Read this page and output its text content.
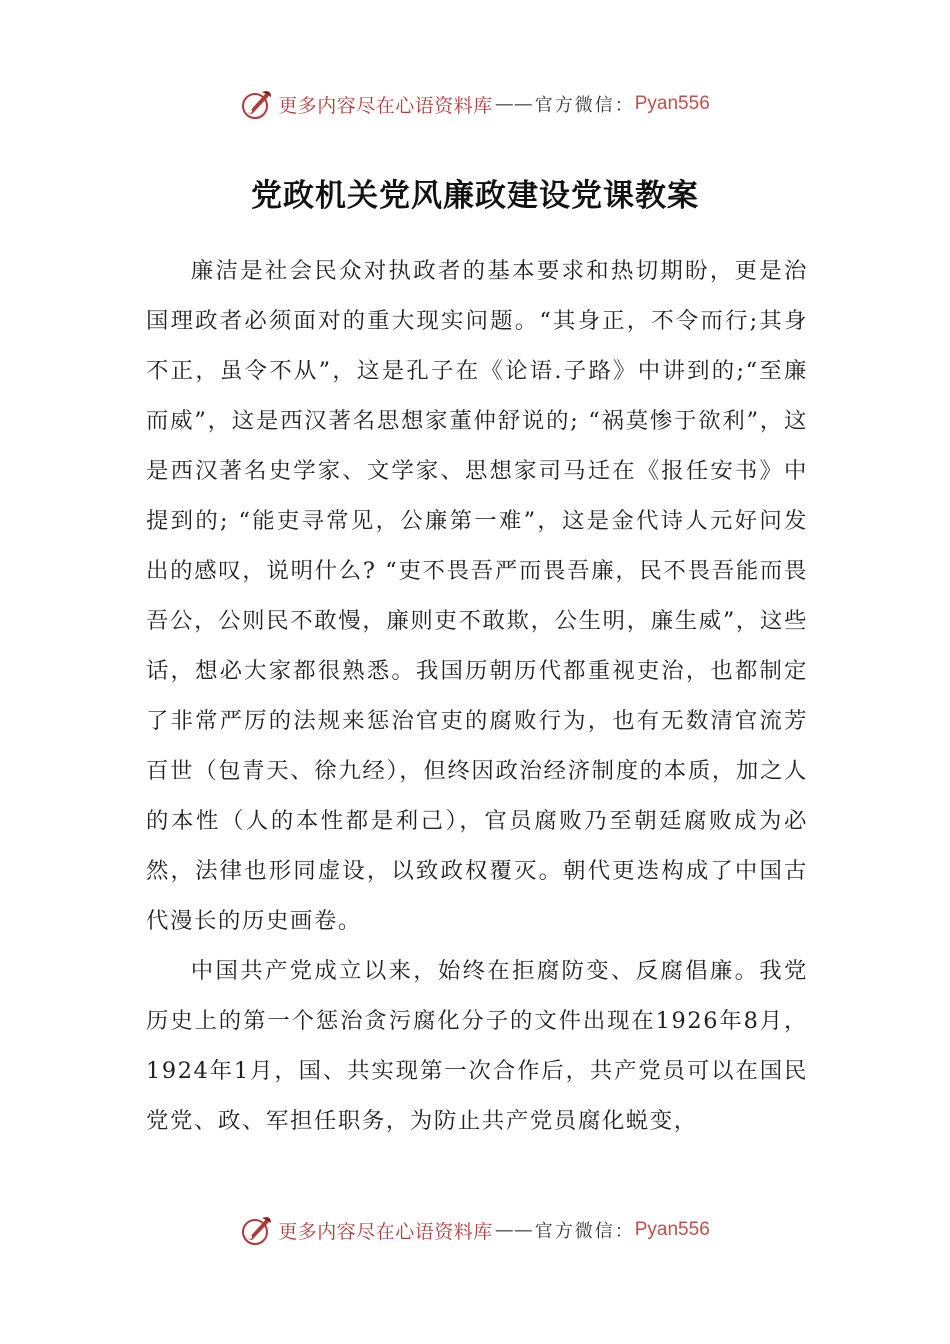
更多内容尽在心语资料库 —— 官方微信： Pyan556
党政机关党风廉政建设党课教案

廉洁是社会民众对执政者的基本要求和热切期盼，更是治国理政者必须面对的重大现实问题。“其身正，不令而行;其身不正，虽令不从”，这是孔子在《论语.子路》中讲到的;“至廉而威”，这是西汉著名思想家董仲舒说的; “祸莫惨于欲利”，这是西汉著名史学家、文学家、思想家司马迁在《报任安书》中提到的; “能吏寻常见，公廉第一难”，这是金代诗人元好问发出的感叹，说明什么? “吏不畏吾严而畏吾廉，民不畏吾能而畏吾公，公则民不敢慢，廉则吏不敢欺，公生明，廉生威”，这些话，想必大家都很熟悉。我国历朝历代都重视吏治，也都制定了非常严厉的法规来惩治官吏的腐败行为，也有无数清官流芳百世（包青天、徐九经），但终因政治经济制度的本质，加之人的本性（人的本性都是利己），官员腐败乃至朝廷腐败成为必然，法律也形同虚设，以致政权覆灭。朝代更迭构成了中国古代漫长的历史画卷。

中国共产党成立以来，始终在拒腐防变、反腐倡廉。我党历史上的第一个惩治贪污腐化分子的文件出现在1926年8月，1924年1月，国、共实现第一次合作后，共产党员可以在国民党党、政、军担任职务，为防止共产党员腐化蜕变，

更多内容尽在心语资料库 —— 官方微信： Pyan556
